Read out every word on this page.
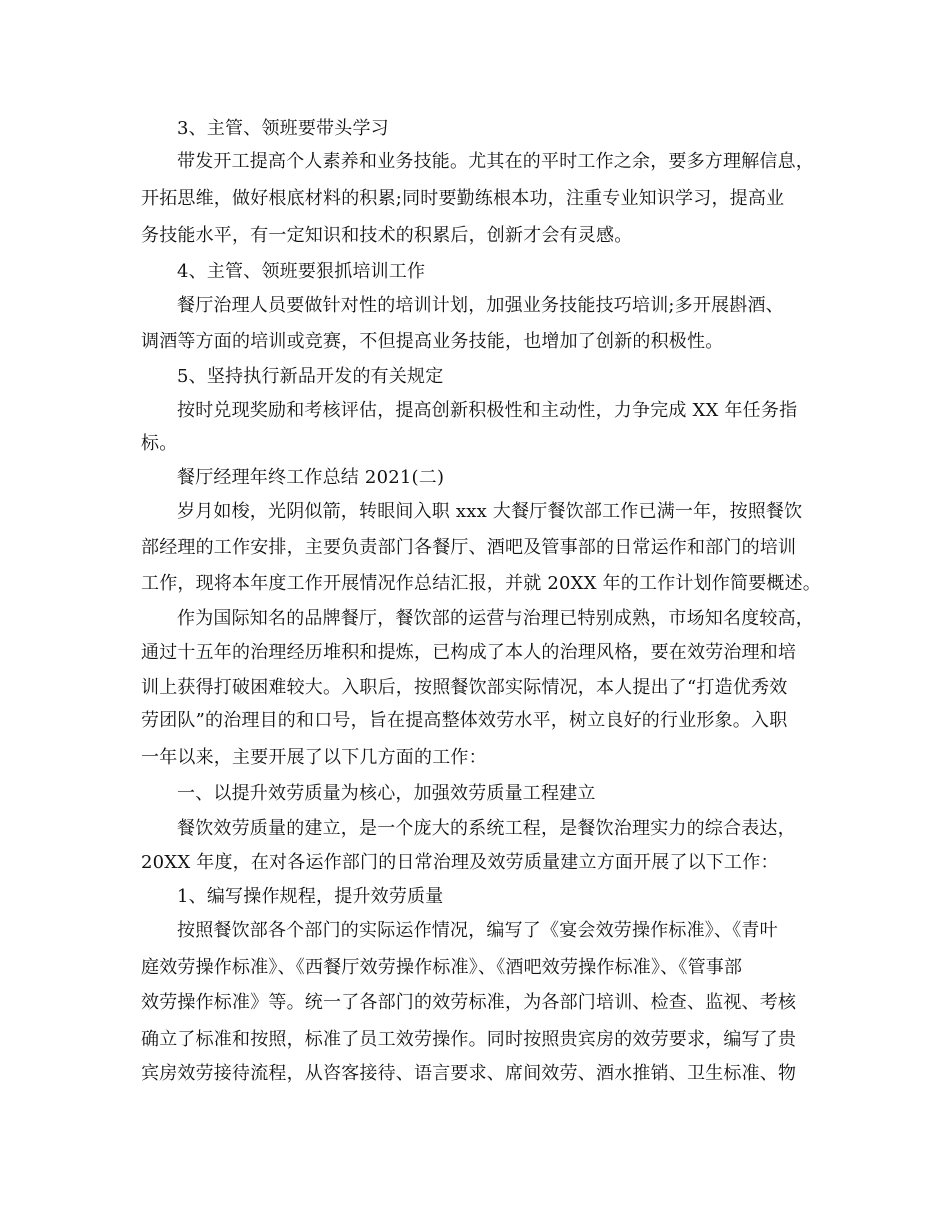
3、主管、领班要带头学习
带发开工提高个人素养和业务技能。尤其在的平时工作之余，要多方理解信息，
开拓思维，做好根底材料的积累;同时要勤练根本功，注重专业知识学习，提高业
务技能水平，有一定知识和技术的积累后，创新才会有灵感。
4、主管、领班要狠抓培训工作
餐厅治理人员要做针对性的培训计划，加强业务技能技巧培训;多开展斟酒、
调酒等方面的培训或竞赛，不但提高业务技能，也增加了创新的积极性。
5、坚持执行新品开发的有关规定
按时兑现奖励和考核评估，提高创新积极性和主动性，力争完成 XX 年任务指
标。
餐厅经理年终工作总结 2021(二)
岁月如梭，光阴似箭，转眼间入职 xxx 大餐厅餐饮部工作已满一年，按照餐饮
部经理的工作安排，主要负责部门各餐厅、酒吧及管事部的日常运作和部门的培训
工作，现将本年度工作开展情况作总结汇报，并就 20XX 年的工作计划作简要概述。
作为国际知名的品牌餐厅，餐饮部的运营与治理已特别成熟，市场知名度较高，
通过十五年的治理经历堆积和提炼，已构成了本人的治理风格，要在效劳治理和培
训上获得打破困难较大。入职后，按照餐饮部实际情况，本人提出了“打造优秀效
劳团队”的治理目的和口号，旨在提高整体效劳水平，树立良好的行业形象。入职
一年以来，主要开展了以下几方面的工作：
一、以提升效劳质量为核心，加强效劳质量工程建立
餐饮效劳质量的建立，是一个庞大的系统工程，是餐饮治理实力的综合表达，
20XX 年度，在对各运作部门的日常治理及效劳质量建立方面开展了以下工作：
1、编写操作规程，提升效劳质量
按照餐饮部各个部门的实际运作情况，编写了《宴会效劳操作标准》、《青叶
庭效劳操作标准》、《西餐厅效劳操作标准》、《酒吧效劳操作标准》、《管事部
效劳操作标准》等。统一了各部门的效劳标准，为各部门培训、检查、监视、考核
确立了标准和按照，标准了员工效劳操作。同时按照贵宾房的效劳要求，编写了贵
宾房效劳接待流程，从咨客接待、语言要求、席间效劳、酒水推销、卫生标准、物
